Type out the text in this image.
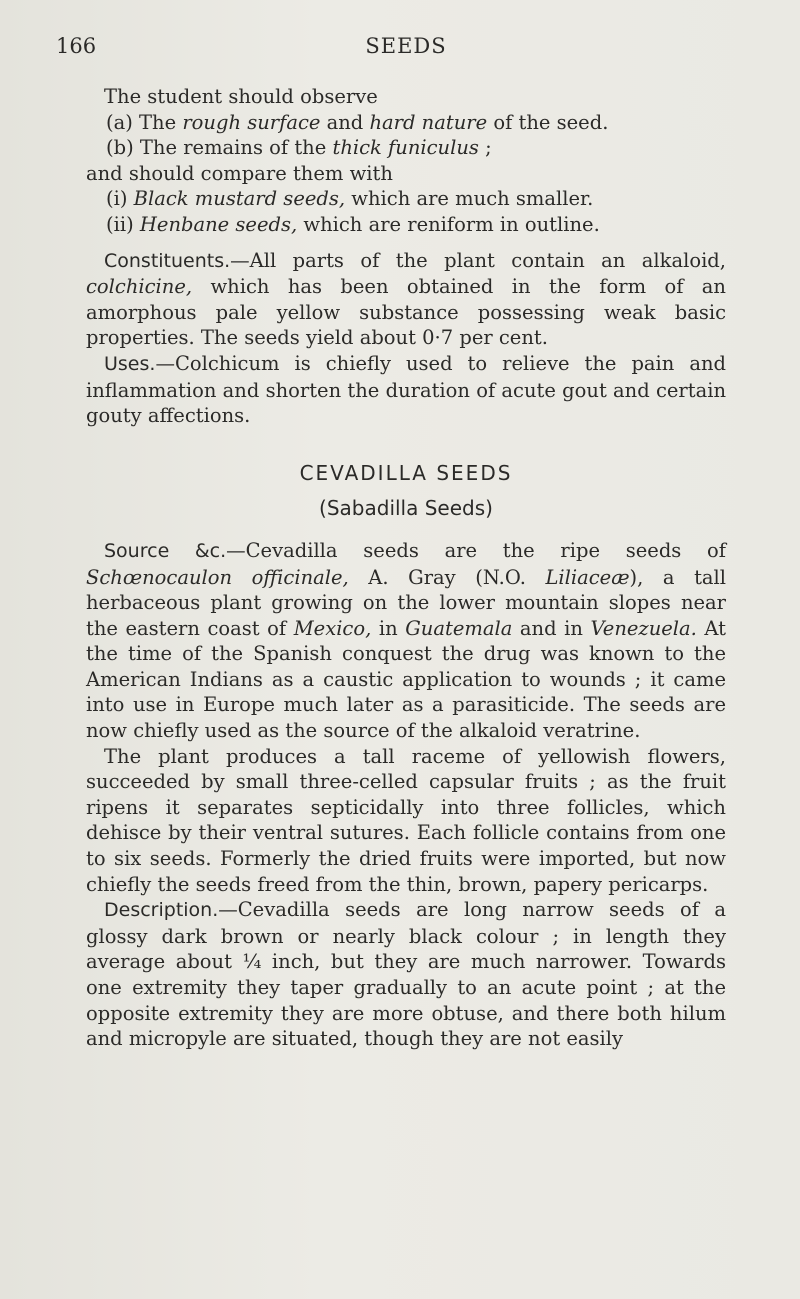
166	SEEDS

The student should observe

(a) The rough surface and hard nature of the seed.

(b) The remains of the thick funiculus ;

and should compare them with

(i) Black mustard seeds, which are much smaller.

(ii) Henbane seeds, which are reniform in outline.

Constituents.—All parts of the plant contain an alkaloid, colchicine, which has been obtained in the form of an amorphous pale yellow substance possessing weak basic properties. The seeds yield about 0·7 per cent.

Uses.—Colchicum is chiefly used to relieve the pain and inflammation and shorten the duration of acute gout and certain gouty affections.

CEVADILLA SEEDS

(Sabadilla Seeds)

Source &c.—Cevadilla seeds are the ripe seeds of Schœnocaulon officinale, A. Gray (N.O. Liliaceæ), a tall herbaceous plant growing on the lower mountain slopes near the eastern coast of Mexico, in Guatemala and in Venezuela. At the time of the Spanish conquest the drug was known to the American Indians as a caustic application to wounds ; it came into use in Europe much later as a parasiticide. The seeds are now chiefly used as the source of the alkaloid veratrine.

The plant produces a tall raceme of yellowish flowers, succeeded by small three-celled capsular fruits ; as the fruit ripens it separates septicidally into three follicles, which dehisce by their ventral sutures. Each follicle contains from one to six seeds. Formerly the dried fruits were imported, but now chiefly the seeds freed from the thin, brown, papery pericarps.

Description.—Cevadilla seeds are long narrow seeds of a glossy dark brown or nearly black colour ; in length they average about ¼ inch, but they are much narrower. Towards one extremity they taper gradually to an acute point ; at the opposite extremity they are more obtuse, and there both hilum and micropyle are situated, though they are not easily
